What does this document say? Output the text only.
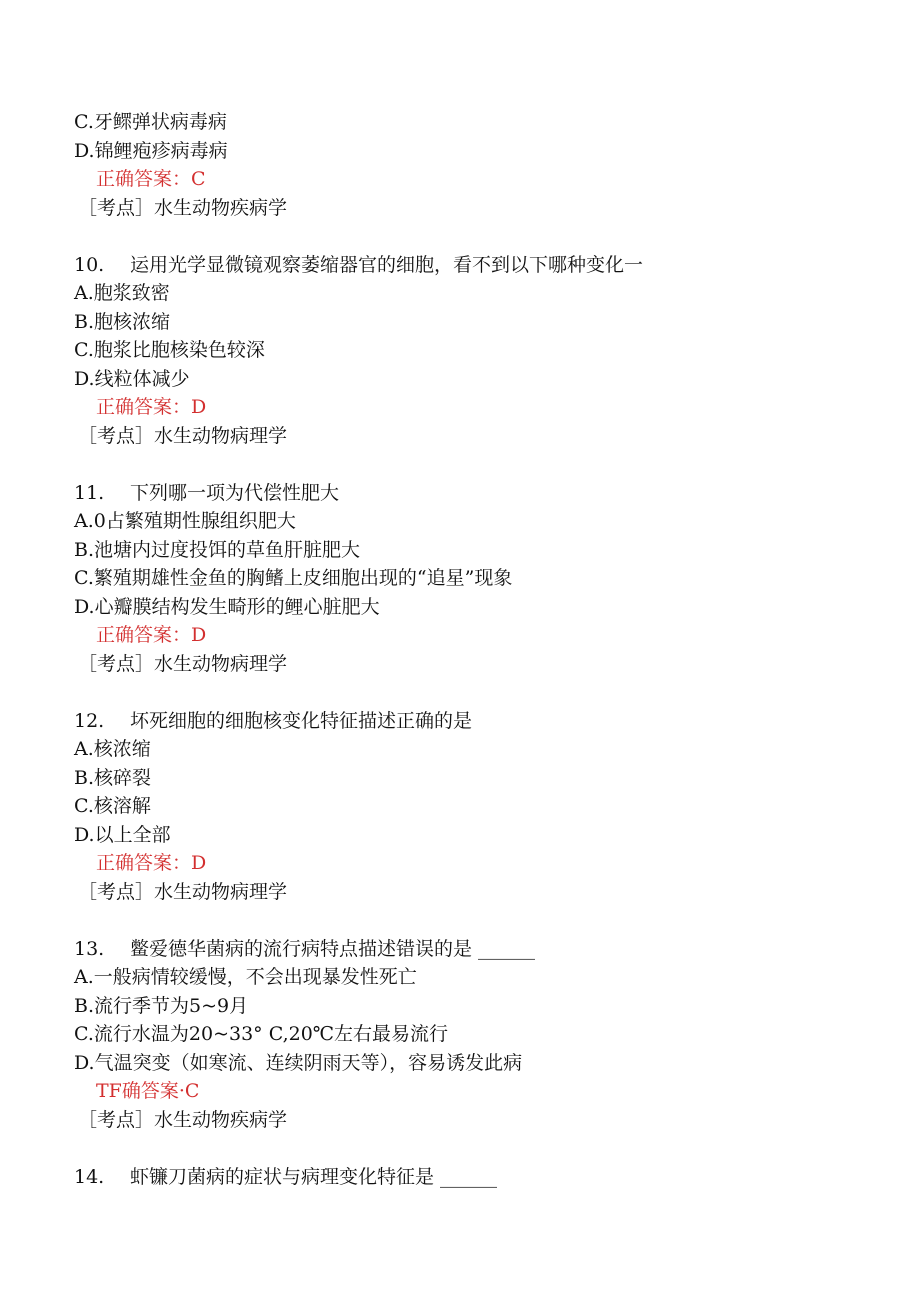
C.牙鳏弹状病毒病
D.锦鲤疱疹病毒病
正确答案：C
［考点］水生动物疾病学
10.	运用光学显微镜观察萎缩器官的细胞，看不到以下哪种变化一
A.胞浆致密
B.胞核浓缩
C.胞浆比胞核染色较深
D.线粒体减少
正确答案：D
［考点］水生动物病理学
11.	下列哪一项为代偿性肥大
A.0占繁殖期性腺组织肥大
B.池塘内过度投饵的草鱼肝脏肥大
C.繁殖期雄性金鱼的胸鳍上皮细胞出现的“追星”现象
D.心瓣膜结构发生畸形的鲤心脏肥大
正确答案：D
［考点］水生动物病理学
12.	坏死细胞的细胞核变化特征描述正确的是
A.核浓缩
B.核碎裂
C.核溶解
D.以上全部
正确答案：D
［考点］水生动物病理学
13.	鳖爱德华菌病的流行病特点描述错误的是 ______
A.一般病情较缓慢，不会出现暴发性死亡
B.流行季节为5~9月
C.流行水温为20~33° C,20℃左右最易流行
D.气温突变（如寒流、连续阴雨天等），容易诱发此病
TF确答案·C
［考点］水生动物疾病学
14.	虾镰刀菌病的症状与病理变化特征是 ______
